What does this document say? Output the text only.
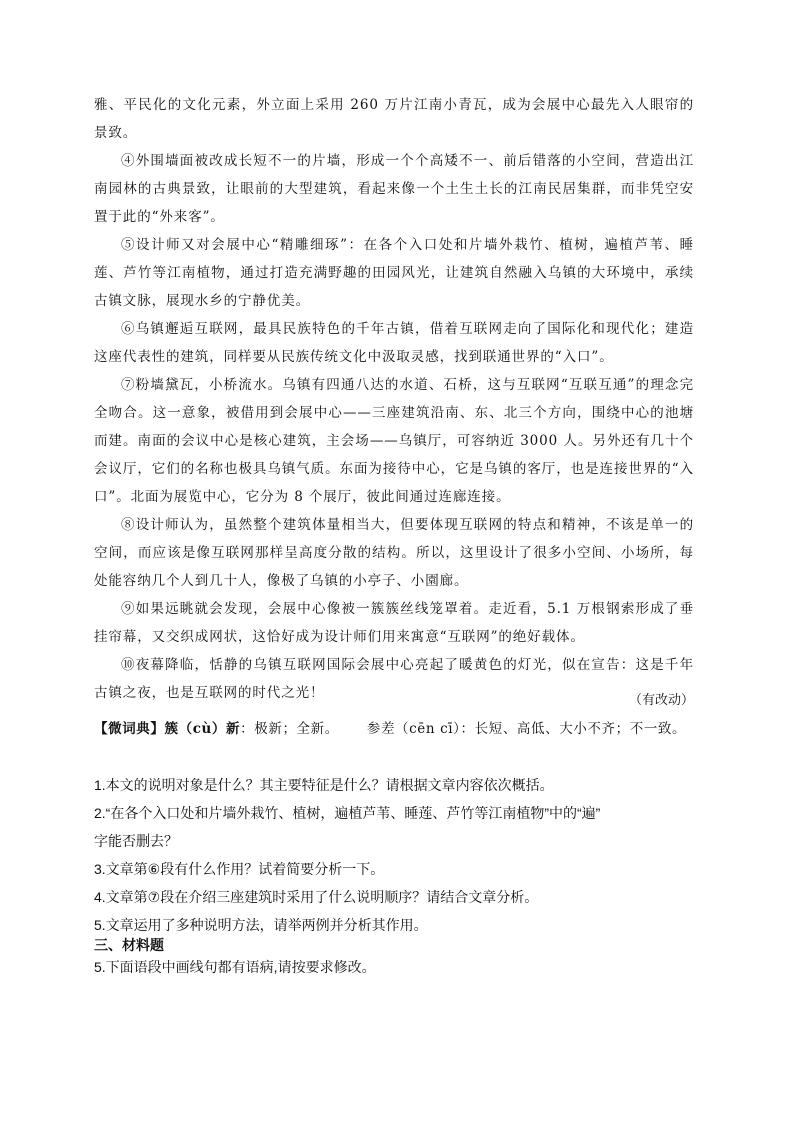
雅、平民化的文化元素，外立面上采用 260 万片江南小青瓦，成为会展中心最先入人眼帘的景致。

④外围墙面被改成长短不一的片墙，形成一个个高矮不一、前后错落的小空间，营造出江南园林的古典景致，让眼前的大型建筑，看起来像一个土生土长的江南民居集群，而非凭空安置于此的“外来客”。

⑤设计师又对会展中心“精雕细琢”：在各个入口处和片墙外栽竹、植树，遍植芦苇、睡莲、芦竹等江南植物，通过打造充满野趣的田园风光，让建筑自然融入乌镇的大环境中，承续古镇文脉，展现水乡的宁静优美。

⑥乌镇邂逅互联网，最具民族特色的千年古镇，借着互联网走向了国际化和现代化；建造这座代表性的建筑，同样要从民族传统文化中汲取灵感，找到联通世界的“入口”。

⑦粉墙黛瓦，小桥流水。乌镇有四通八达的水道、石桥，这与互联网“互联互通”的理念完全吻合。这一意象，被借用到会展中心——三座建筑沿南、东、北三个方向，围绕中心的池塘而建。南面的会议中心是核心建筑，主会场——乌镇厅，可容纳近 3000 人。另外还有几十个会议厅，它们的名称也极具乌镇气质。东面为接待中心，它是乌镇的客厅，也是连接世界的“入口”。北面为展览中心，它分为 8 个展厅，彼此间通过连廊连接。

⑧设计师认为，虽然整个建筑体量相当大，但要体现互联网的特点和精神，不该是单一的空间，而应该是像互联网那样呈高度分散的结构。所以，这里设计了很多小空间、小场所，每处能容纳几个人到几十人，像极了乌镇的小亭子、小園廊。

⑨如果远眺就会发现，会展中心像被一簇簇丝线笼罩着。走近看，5.1 万根钢索形成了垂挂帘幕，又交织成网状，这恰好成为设计师们用来寓意“互联网”的绝好载体。

⑩夜幕降临，恬静的乌镇互联网国际会展中心亮起了暖黄色的灯光，似在宣告：这是千年古镇之夜，也是互联网的时代之光！	（有改动）
【微词典】簇（cù）新：极新；全新。 参差（cēn cī）：长短、高低、大小不齐；不一致。

1.本文的说明对象是什么？其主要特征是什么？请根据文章内容依次概括。

2.“在各个入口处和片墙外栽竹、植树，遍植芦苇、睡莲、芦竹等江南植物”中的“遍”

字能否删去？

3.文章第⑥段有什么作用？试着简要分析一下。

4.文章第⑦段在介绍三座建筑时采用了什么说明顺序？请结合文章分析。

5.文章运用了多种说明方法，请举两例并分析其作用。

三、材料题
5.下面语段中画线句都有语病,请按要求修改。
